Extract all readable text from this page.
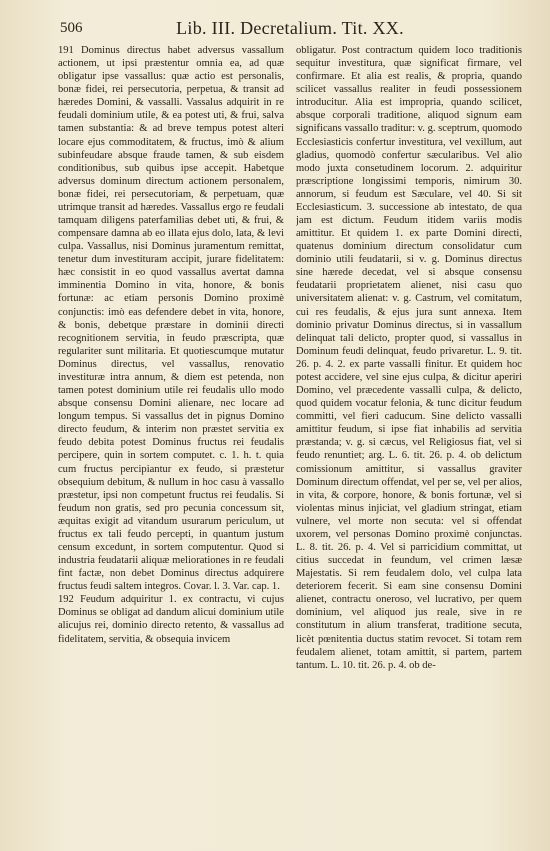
506	Lib. III. Decretalium. Tit. XX.

191 Dominus directus habet adversus vassallum actionem, ut ipsi præstentur omnia ea, ad quæ obligatur ipse vassallus: quæ actio est personalis, bonæ fidei, rei persecutoria, perpetua, & transit ad hæredes Domini, & vassalli. Vassalus adquirit in re feudali dominium utile, & ea potest uti, & frui, salva tamen substantia: & ad breve tempus potest alteri locare ejus commoditatem, & fructus, imò & alium subinfeudare absque fraude tamen, & sub eisdem conditionibus, sub quibus ipse accepit. Habetque adversus dominum directum actionem personalem, bonæ fidei, rei persecutoriam, & perpetuam, quæ utrimque transit ad hæredes. Vassallus ergo re feudali tamquam diligens paterfamilias debet uti, & frui, & compensare damna ab eo illata ejus dolo, lata, & levi culpa. Vassallus, nisi Dominus juramentum remittat, tenetur dum investituram accipit, jurare fidelitatem: hæc consistit in eo quod vassallus avertat damna imminentia Domino in vita, honore, & bonis fortunæ: ac etiam personis Domino proximè conjunctis: imò eas defendere debet in vita, honore, & bonis, debetque præstare in dominii directi recognitionem servitia, in feudo præscripta, quæ regulariter sunt militaria. Et quotiescumque mutatur Dominus directus, vel vassallus, renovatio investituræ intra annum, & diem est petenda, non tamen potest dominium utile rei feudalis ullo modo absque consensu Domini alienare, nec locare ad longum tempus. Si vassallus det in pignus Domino directo feudum, & interim non præstet servitia ex feudo debita potest Dominus fructus rei feudalis percipere, quin in sortem computet. c. 1. h. t. quia cum fructus percipiantur ex feudo, si præstetur obsequium debitum, & nullum in hoc casu à vassallo præstetur, ipsi non competunt fructus rei feudalis. Si feudum non gratis, sed pro pecunia concessum sit, æquitas exigit ad vitandum usurarum periculum, ut fructus ex tali feudo percepti, in quantum justum censum excedunt, in sortem computentur. Quod si industria feudatarii aliquæ meliorationes in re feudali fint factæ, non debet Dominus directus adquirere fructus feudi saltem integros. Covar. l. 3. Var. cap. 1.

192 Feudum adquiritur 1. ex contractu, vi cujus Dominus se obligat ad dandum alicui dominium utile alicujus rei, dominio directo retento, & vassallus ad fidelitatem, servitia, & obsequia invicem

obligatur. Post contractum quidem loco traditionis sequitur investitura, quæ significat firmare, vel confirmare. Et alia est realis, & propria, quando scilicet vassallus realiter in feudi possessionem introducitur. Alia est impropria, quando scilicet, absque corporali traditione, aliquod signum eam significans vassallo traditur: v. g. sceptrum, quomodo Ecclesiasticis confertur investitura, vel vexillum, aut gladius, quomodò confertur sæcularibus. Vel alio modo juxta consetudinem locorum. 2. adquiritur præscriptione longissimi temporis, nimirum 30. annorum, si feudum est Sæculare, vel 40. Si sit Ecclesiasticum. 3. successione ab intestato, de qua jam est dictum. Feudum itidem variis modis amittitur. Et quidem 1. ex parte Domini directi, quatenus dominium directum consolidatur cum dominio utili feudatarii, si v. g. Dominus directus sine hærede decedat, vel si absque consensu feudatarii proprietatem alienet, nisi casu quo universitatem alienat: v. g. Castrum, vel comitatum, cui res feudalis, & ejus jura sunt annexa. Item dominio privatur Dominus directus, si in vassallum delinquat tali delicto, propter quod, si vassallus in Dominum feudi delinquat, feudo privaretur. L. 9. tit. 26. p. 4. 2. ex parte vassalli finitur. Et quidem hoc potest accidere, vel sine ejus culpa, & dicitur aperiri Domino, vel præcedente vassalli culpa, & delicto, quod quidem vocatur felonia, & tunc dicitur feudum committi, vel fieri caducum. Sine delicto vassalli amittitur feudum, si ipse fiat inhabilis ad servitia præstanda; v. g. si cæcus, vel Religiosus fiat, vel si feudo renuntiet; arg. L. 6. tit. 26. p. 4. ob delictum comissionum amittitur, si vassallus graviter Dominum directum offendat, vel per se, vel per alios, in vita, & corpore, honore, & bonis fortunæ, vel si violentas minus injiciat, vel gladium stringat, etiam vulnere, vel morte non secuta: vel si offendat uxorem, vel personas Domino proximè conjunctas. L. 8. tit. 26. p. 4. Vel si parricidium committat, ut citius succedat in feundum, vel crimen læsæ Majestatis. Si rem feudalem dolo, vel culpa lata deteriorem fecerit. Si eam sine consensu Domini alienet, contractu oneroso, vel lucrativo, per quem dominium, vel aliquod jus reale, sive in re constitutum in alium transferat, traditione secuta, licèt pœnitentia ductus statim revocet. Si totam rem feudalem alienet, totam amittit, si partem, partem tantum. L. 10. tit. 26. p. 4. ob de-
